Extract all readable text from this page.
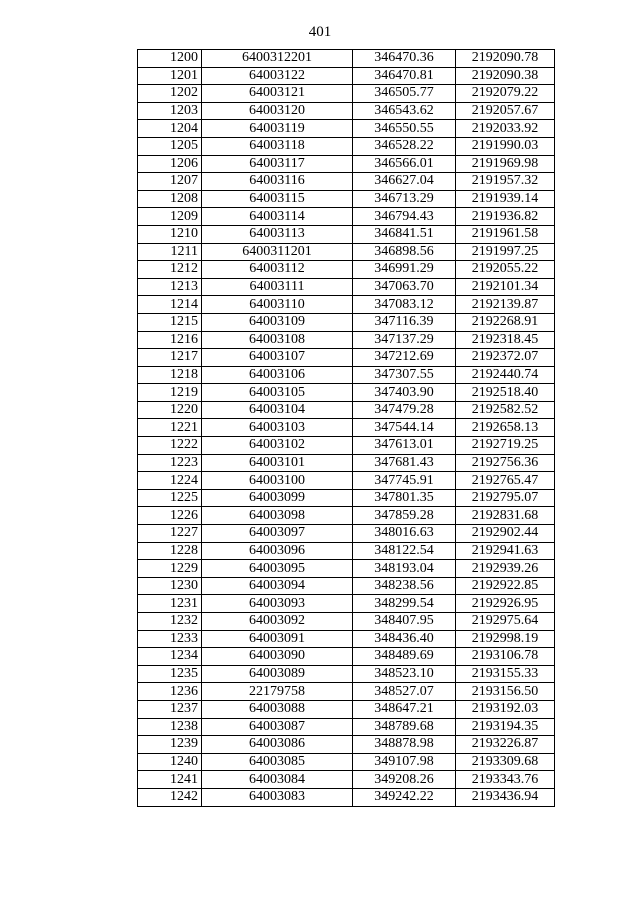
401
1200	6400312201	346470.36	2192090.78
1201	64003122	346470.81	2192090.38
1202	64003121	346505.77	2192079.22
1203	64003120	346543.62	2192057.67
1204	64003119	346550.55	2192033.92
1205	64003118	346528.22	2191990.03
1206	64003117	346566.01	2191969.98
1207	64003116	346627.04	2191957.32
1208	64003115	346713.29	2191939.14
1209	64003114	346794.43	2191936.82
1210	64003113	346841.51	2191961.58
1211	6400311201	346898.56	2191997.25
1212	64003112	346991.29	2192055.22
1213	64003111	347063.70	2192101.34
1214	64003110	347083.12	2192139.87
1215	64003109	347116.39	2192268.91
1216	64003108	347137.29	2192318.45
1217	64003107	347212.69	2192372.07
1218	64003106	347307.55	2192440.74
1219	64003105	347403.90	2192518.40
1220	64003104	347479.28	2192582.52
1221	64003103	347544.14	2192658.13
1222	64003102	347613.01	2192719.25
1223	64003101	347681.43	2192756.36
1224	64003100	347745.91	2192765.47
1225	64003099	347801.35	2192795.07
1226	64003098	347859.28	2192831.68
1227	64003097	348016.63	2192902.44
1228	64003096	348122.54	2192941.63
1229	64003095	348193.04	2192939.26
1230	64003094	348238.56	2192922.85
1231	64003093	348299.54	2192926.95
1232	64003092	348407.95	2192975.64
1233	64003091	348436.40	2192998.19
1234	64003090	348489.69	2193106.78
1235	64003089	348523.10	2193155.33
1236	22179758	348527.07	2193156.50
1237	64003088	348647.21	2193192.03
1238	64003087	348789.68	2193194.35
1239	64003086	348878.98	2193226.87
1240	64003085	349107.98	2193309.68
1241	64003084	349208.26	2193343.76
1242	64003083	349242.22	2193436.94
